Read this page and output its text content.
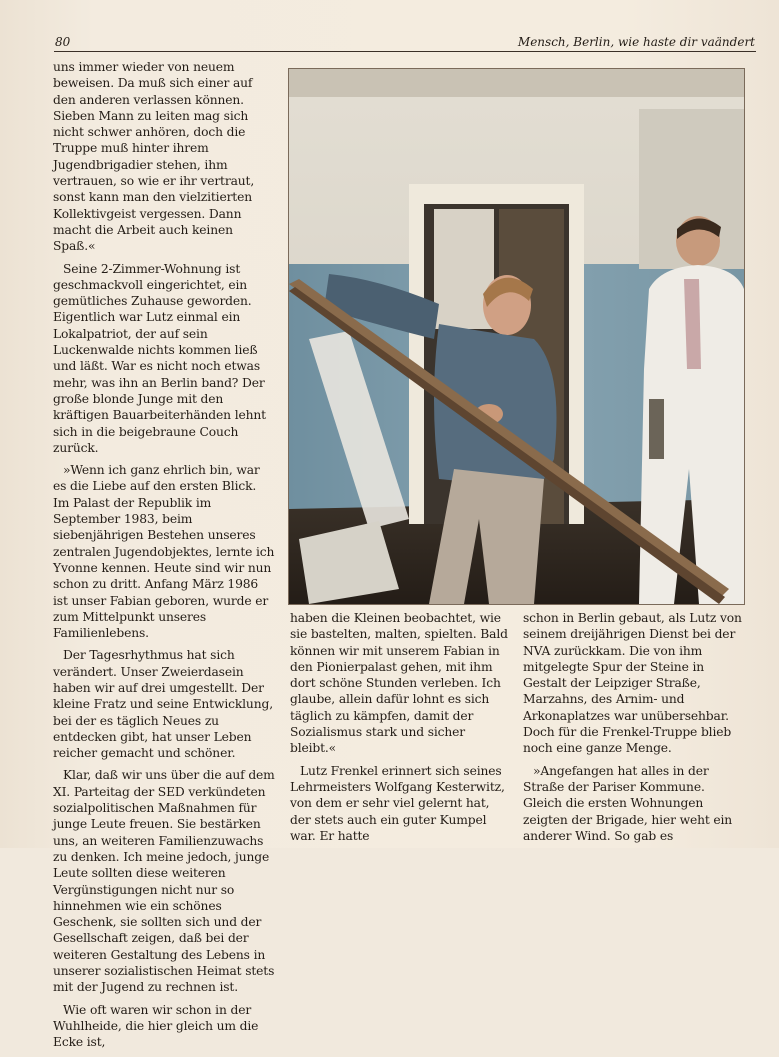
80	Mensch, Berlin, wie haste dir vaändert

uns immer wieder von neuem beweisen. Da muß sich einer auf den anderen verlassen können. Sieben Mann zu leiten mag sich nicht schwer anhören, doch die Truppe muß hinter ihrem Jugendbrigadier stehen, ihm vertrauen, so wie er ihr vertraut, sonst kann man den vielzitierten Kollektivgeist vergessen. Dann macht die Arbeit auch keinen Spaß.«

Seine 2-Zimmer-Wohnung ist geschmackvoll eingerichtet, ein gemütliches Zuhause geworden. Eigentlich war Lutz einmal ein Lokalpatriot, der auf sein Luckenwalde nichts kommen ließ und läßt. War es nicht noch etwas mehr, was ihn an Berlin band? Der große blonde Junge mit den kräftigen Bauarbeiterhänden lehnt sich in die beigebraune Couch zurück.

»Wenn ich ganz ehrlich bin, war es die Liebe auf den ersten Blick. Im Palast der Republik im September 1983, beim siebenjährigen Bestehen unseres zentralen Jugendobjektes, lernte ich Yvonne kennen. Heute sind wir nun schon zu dritt. Anfang März 1986 ist unser Fabian geboren, wurde er zum Mittelpunkt unseres Familienlebens.

Der Tagesrhythmus hat sich verändert. Unser Zweierdasein haben wir auf drei umgestellt. Der kleine Fratz und seine Entwicklung, bei der es täglich Neues zu entdecken gibt, hat unser Leben reicher gemacht und schöner.

Klar, daß wir uns über die auf dem XI. Parteitag der SED verkündeten sozialpolitischen Maßnahmen für junge Leute freuen. Sie bestärken uns, an weiteren Familienzuwachs zu denken. Ich meine jedoch, junge Leute sollten diese weiteren Vergünstigungen nicht nur so hinnehmen wie ein schönes Geschenk, sie sollten sich und der Gesellschaft zeigen, daß bei der weiteren Gestaltung des Lebens in unserer sozialistischen Heimat stets mit der Jugend zu rechnen ist.

Wie oft waren wir schon in der Wuhlheide, die hier gleich um die Ecke ist,

haben die Kleinen beobachtet, wie sie bastelten, malten, spielten. Bald können wir mit unserem Fabian in den Pionierpalast gehen, mit ihm dort schöne Stunden verleben. Ich glaube, allein dafür lohnt es sich täglich zu kämpfen, damit der Sozialismus stark und sicher bleibt.«

Lutz Frenkel erinnert sich seines Lehrmeisters Wolfgang Kesterwitz, von dem er sehr viel gelernt hat, der stets auch ein guter Kumpel war. Er hatte

schon in Berlin gebaut, als Lutz von seinem dreijährigen Dienst bei der NVA zurückkam. Die von ihm mitgelegte Spur der Steine in Gestalt der Leipziger Straße, Marzahns, des Arnim- und Arkonaplatzes war unübersehbar. Doch für die Frenkel-Truppe blieb noch eine ganze Menge.

»Angefangen hat alles in der Straße der Pariser Kommune. Gleich die ersten Wohnungen zeigten der Brigade, hier weht ein anderer Wind. So gab es
